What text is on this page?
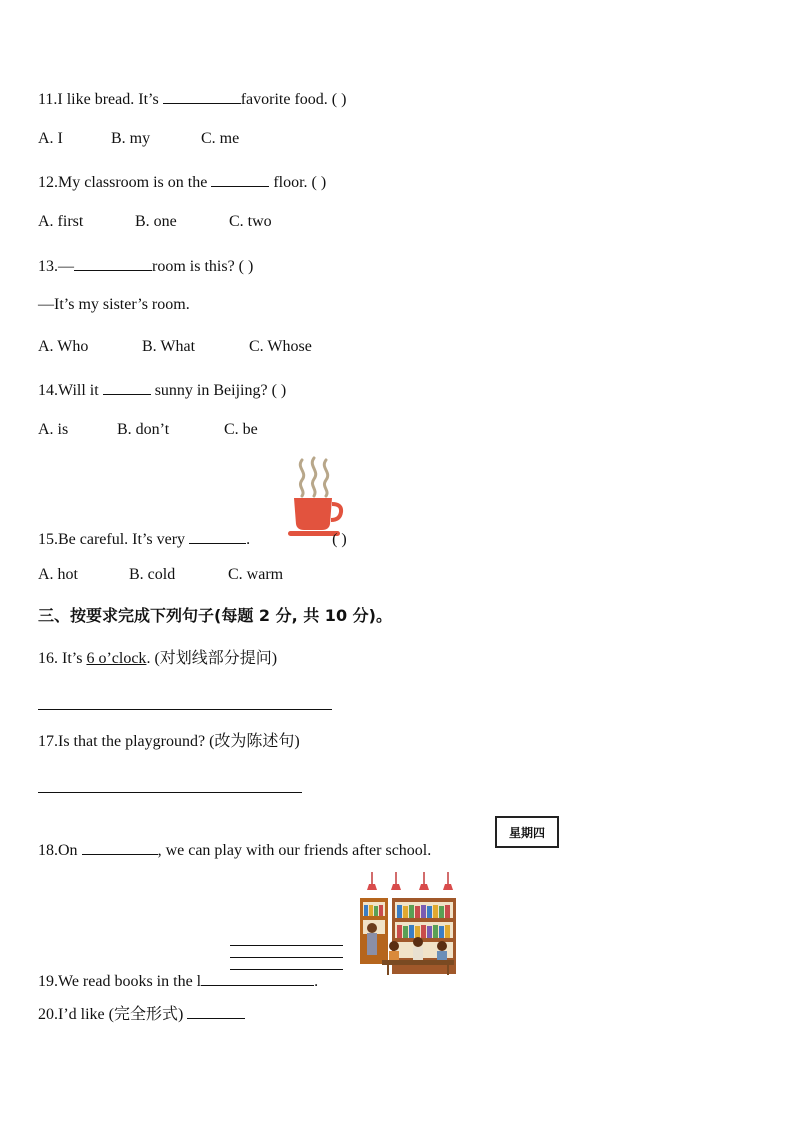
11.I like bread. It’s	favorite food. ( )
A. I	B. my	C. me
12.My classroom is on the	floor. ( )
A. first	B. one	C. two
13.—	room is this? ( )
—It’s my sister’s room.
A. Who	B. What	C. Whose
14.Will it	sunny in Beijing? ( )
A. is	B. don’t	C. be
15.Be careful. It’s very	.	( )
A. hot	B. cold	C. warm
三、按要求完成下列句子(每题 2 分, 共 10 分)。
16. It’s 6 o’clock. (对划线部分提问)
17.Is that the playground? (改为陈述句)
星期四
18.On	, we can play with our friends after school.
19.We read books in the l	.
20.I’d like (完全形式)
